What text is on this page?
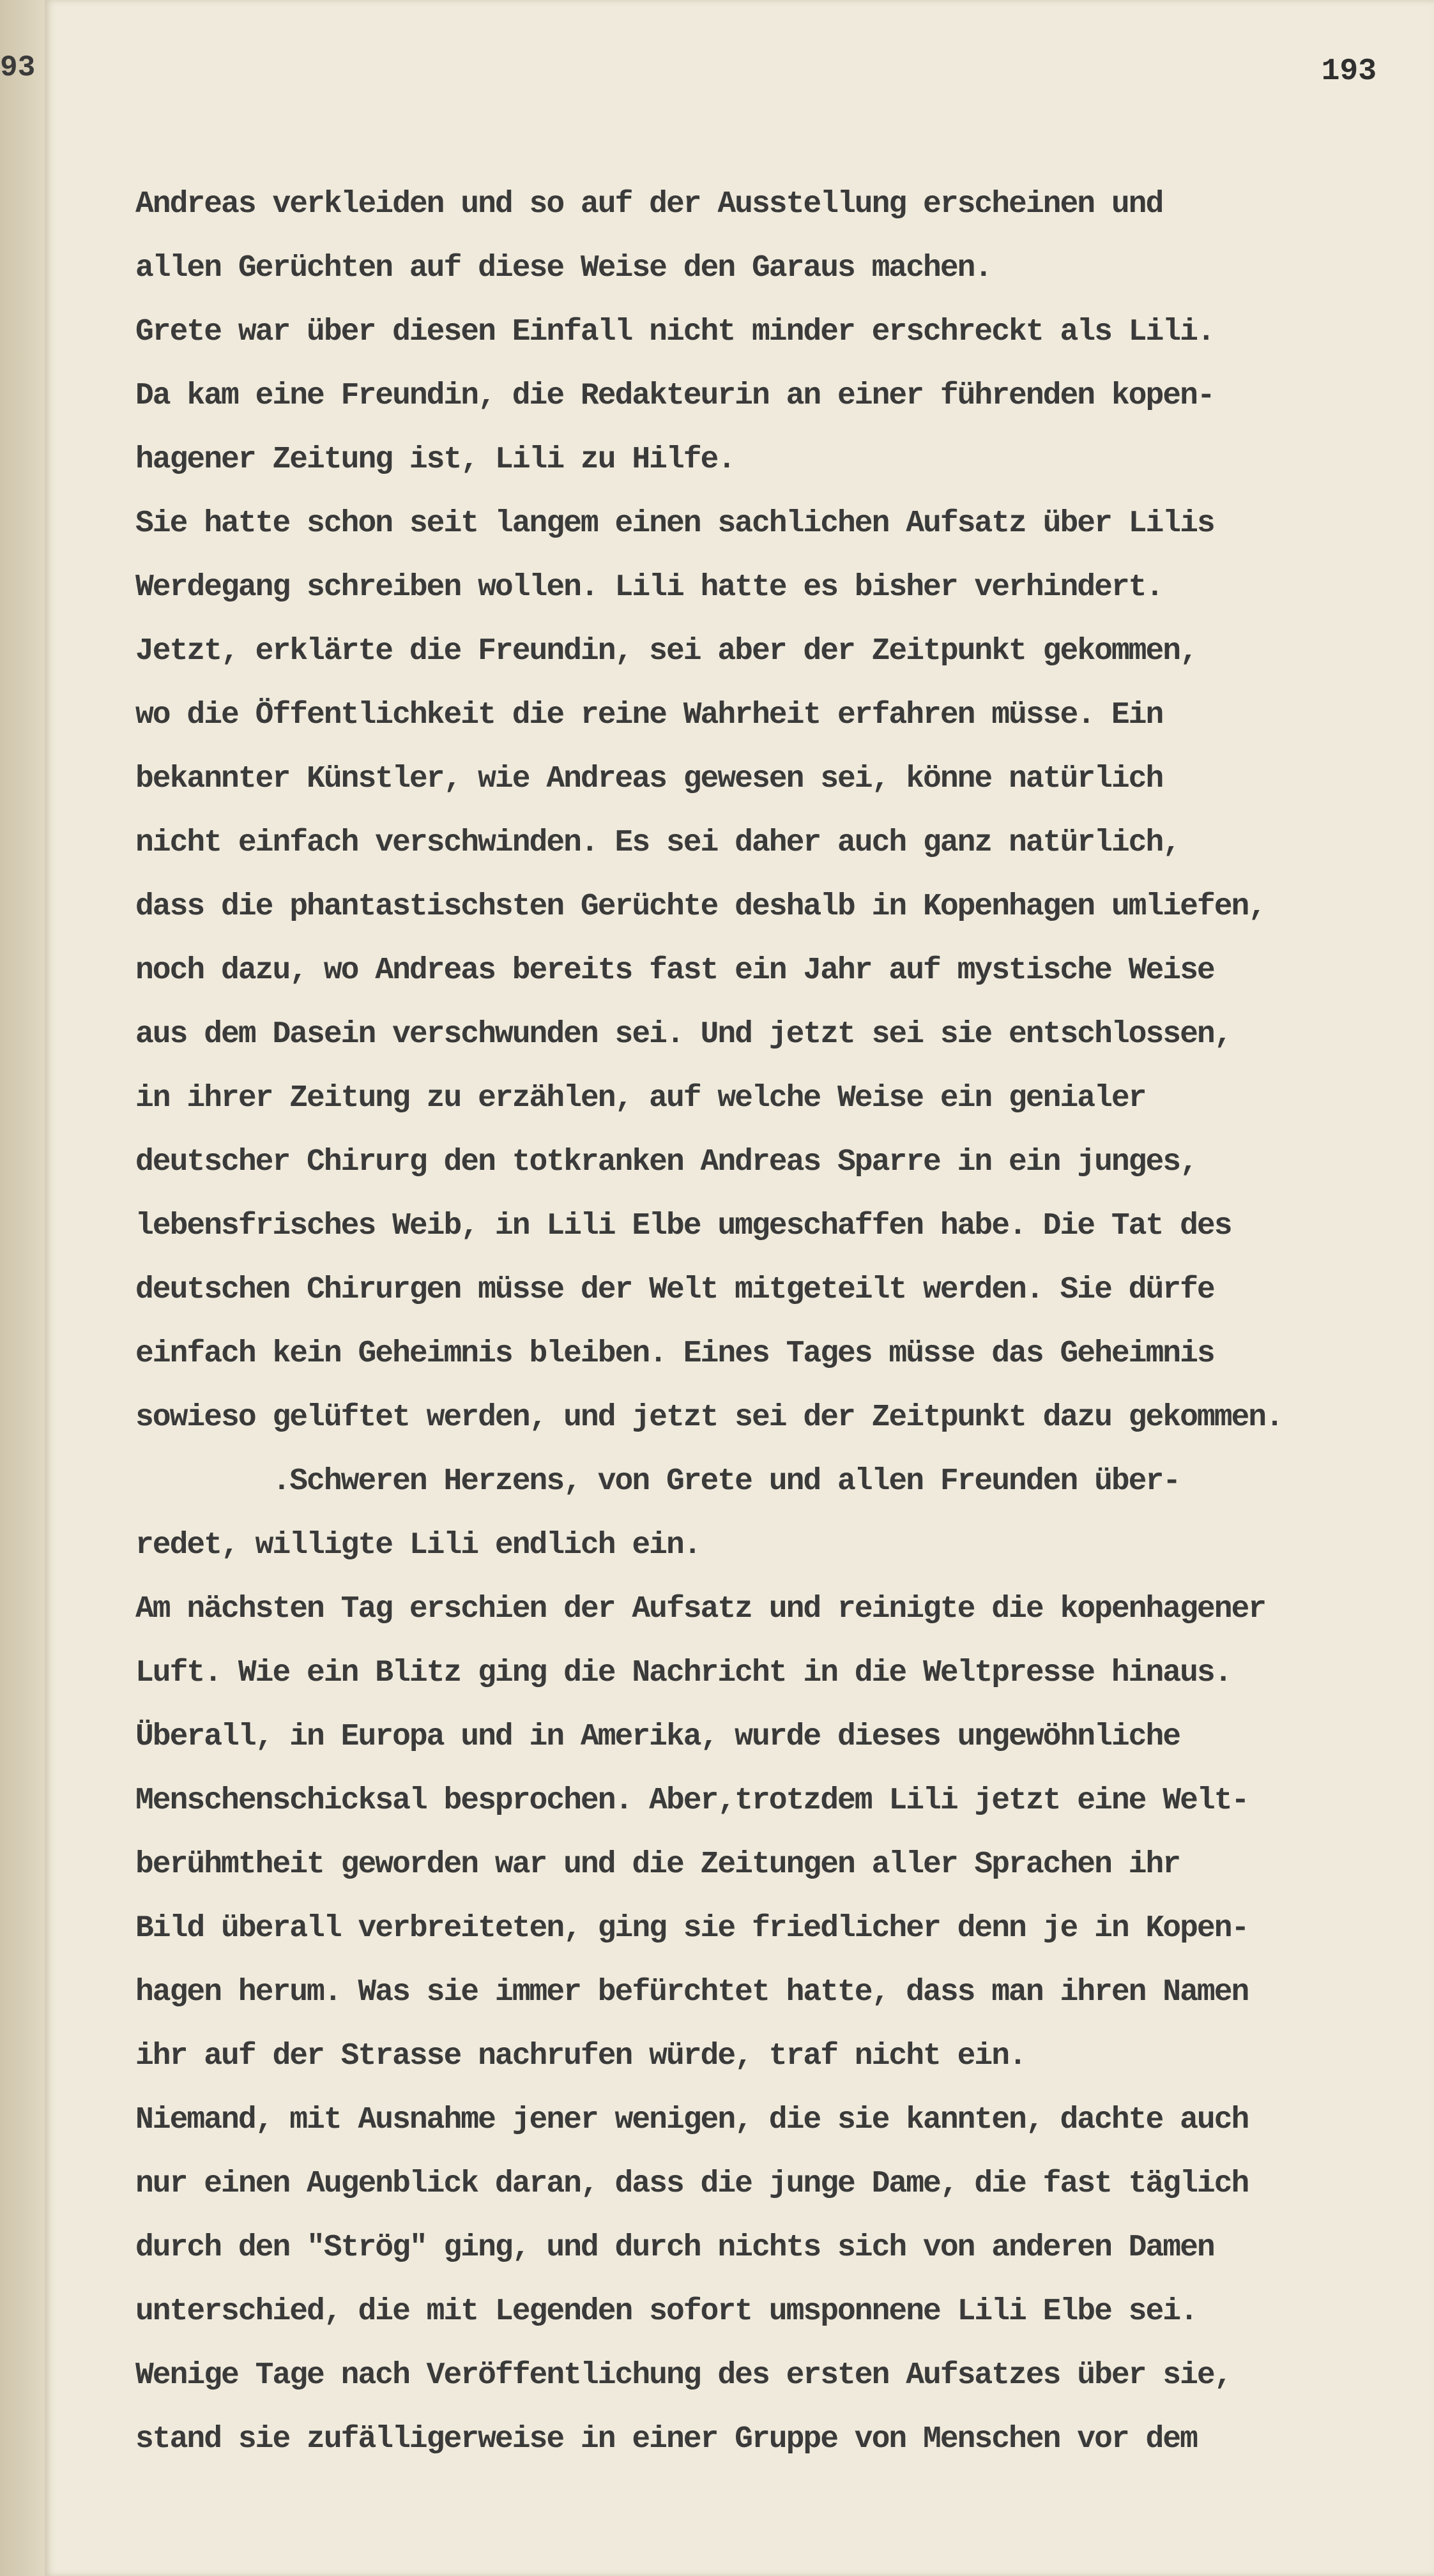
93	193
Andreas verkleiden und so auf der Ausstellung erscheinen und
allen Gerüchten auf diese Weise den Garaus machen.
Grete war über diesen Einfall nicht minder erschreckt als Lili.
Da kam eine Freundin, die Redakteurin an einer führenden kopen-
hagener Zeitung ist, Lili zu Hilfe.
Sie hatte schon seit langem einen sachlichen Aufsatz über Lilis
Werdegang schreiben wollen. Lili hatte es bisher verhindert.
Jetzt, erklärte die Freundin, sei aber der Zeitpunkt gekommen,
wo die Öffentlichkeit die reine Wahrheit erfahren müsse. Ein
bekannter Künstler, wie Andreas gewesen sei, könne natürlich
nicht einfach verschwinden. Es sei daher auch ganz natürlich,
dass die phantastischsten Gerüchte deshalb in Kopenhagen umliefen,
noch dazu, wo Andreas bereits fast ein Jahr auf mystische Weise
aus dem Dasein verschwunden sei. Und jetzt sei sie entschlossen,
in ihrer Zeitung zu erzählen, auf welche Weise ein genialer
deutscher Chirurg den totkranken Andreas Sparre in ein junges,
lebensfrisches Weib, in Lili Elbe umgeschaffen habe. Die Tat des
deutschen Chirurgen müsse der Welt mitgeteilt werden. Sie dürfe
einfach kein Geheimnis bleiben. Eines Tages müsse das Geheimnis
sowieso gelüftet werden, und jetzt sei der Zeitpunkt dazu gekommen.
.Schweren Herzens, von Grete und allen Freunden über-
redet, willigte Lili endlich ein.
Am nächsten Tag erschien der Aufsatz und reinigte die kopenhagener
Luft. Wie ein Blitz ging die Nachricht in die Weltpresse hinaus.
Überall, in Europa und in Amerika, wurde dieses ungewöhnliche
Menschenschicksal besprochen. Aber,trotzdem Lili jetzt eine Welt-
berühmtheit geworden war und die Zeitungen aller Sprachen ihr
Bild überall verbreiteten, ging sie friedlicher denn je in Kopen-
hagen herum. Was sie immer befürchtet hatte, dass man ihren Namen
ihr auf der Strasse nachrufen würde, traf nicht ein.
Niemand, mit Ausnahme jener wenigen, die sie kannten, dachte auch
nur einen Augenblick daran, dass die junge Dame, die fast täglich
durch den "Strög" ging, und durch nichts sich von anderen Damen
unterschied, die mit Legenden sofort umsponnene Lili Elbe sei.
Wenige Tage nach Veröffentlichung des ersten Aufsatzes über sie,
stand sie zufälligerweise in einer Gruppe von Menschen vor dem
